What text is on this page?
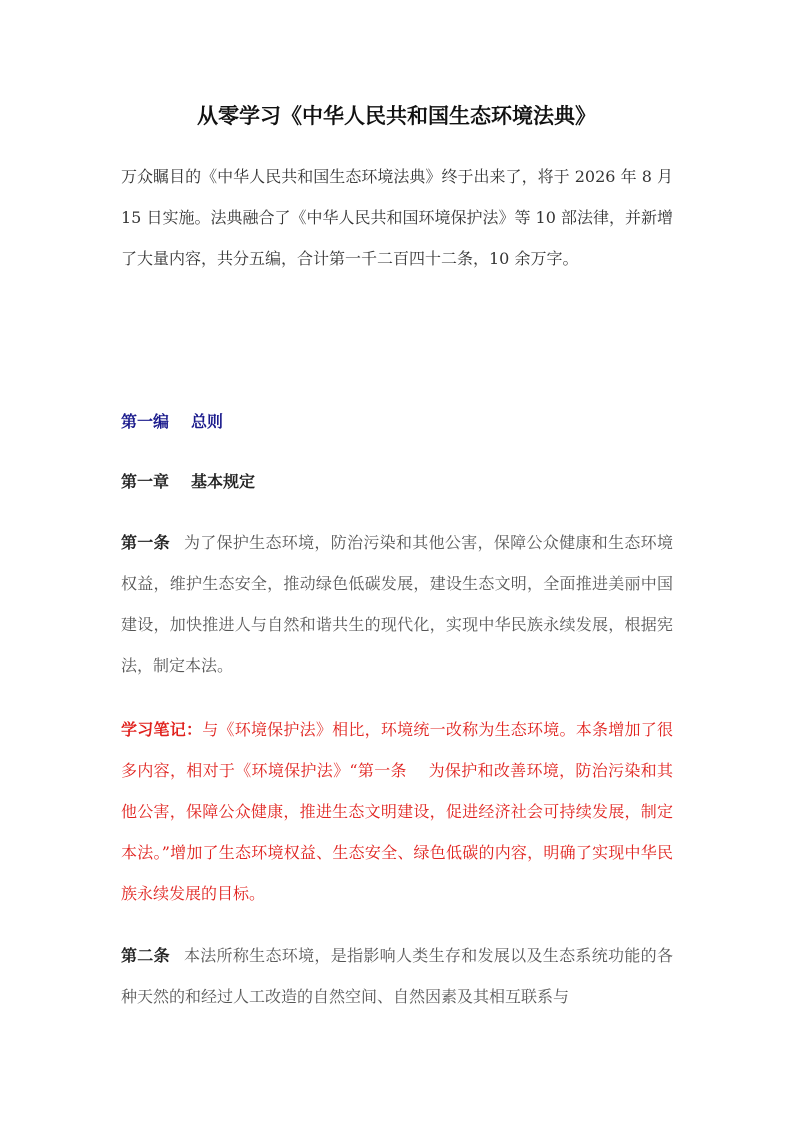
从零学习《中华人民共和国生态环境法典》

万众瞩目的《中华人民共和国生态环境法典》终于出来了，将于 2026 年 8 月 15 日实施。法典融合了《中华人民共和国环境保护法》等 10 部法律，并新增了大量内容，共分五编，合计第一千二百四十二条，10 余万字。

第一编 总则
第一章 基本规定

第一条 为了保护生态环境，防治污染和其他公害，保障公众健康和生态环境权益，维护生态安全，推动绿色低碳发展，建设生态文明，全面推进美丽中国建设，加快推进人与自然和谐共生的现代化，实现中华民族永续发展，根据宪法，制定本法。

学习笔记：与《环境保护法》相比，环境统一改称为生态环境。本条增加了很多内容，相对于《环境保护法》“第一条　 为保护和改善环境，防治污染和其他公害，保障公众健康，推进生态文明建设，促进经济社会可持续发展，制定本法。”增加了生态环境权益、生态安全、绿色低碳的内容，明确了实现中华民族永续发展的目标。

第二条 本法所称生态环境，是指影响人类生存和发展以及生态系统功能的各种天然的和经过人工改造的自然空间、自然因素及其相互联系与
